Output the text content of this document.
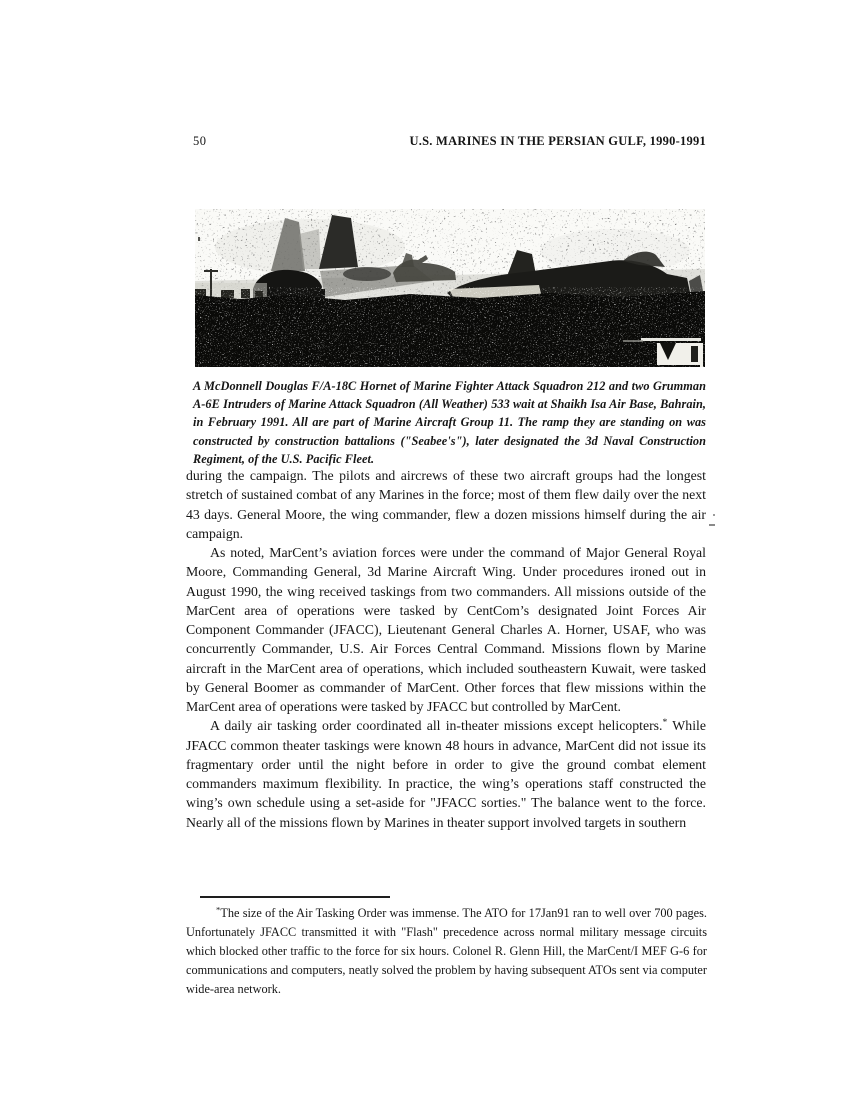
50	U.S. MARINES IN THE PERSIAN GULF, 1990-1991
A McDonnell Douglas F/A-18C Hornet of Marine Fighter Attack Squadron 212 and two Grumman A-6E Intruders of Marine Attack Squadron (All Weather) 533 wait at Shaikh Isa Air Base, Bahrain, in February 1991. All are part of Marine Aircraft Group 11. The ramp they are standing on was constructed by construction battalions ("Seabee's"), later designated the 3d Naval Construction Regiment, of the U.S. Pacific Fleet.

during the campaign. The pilots and aircrews of these two aircraft groups had the longest stretch of sustained combat of any Marines in the force; most of them flew daily over the next 43 days. General Moore, the wing commander, flew a dozen missions himself during the air campaign.

As noted, MarCent’s aviation forces were under the command of Major General Royal Moore, Commanding General, 3d Marine Aircraft Wing. Under procedures ironed out in August 1990, the wing received taskings from two commanders. All missions outside of the MarCent area of operations were tasked by CentCom’s designated Joint Forces Air Component Commander (JFACC), Lieutenant General Charles A. Horner, USAF, who was concurrently Commander, U.S. Air Forces Central Command. Missions flown by Marine aircraft in the MarCent area of operations, which included southeastern Kuwait, were tasked by General Boomer as commander of MarCent. Other forces that flew missions within the MarCent area of operations were tasked by JFACC but controlled by MarCent.

A daily air tasking order coordinated all in-theater missions except helicopters.* While JFACC common theater taskings were known 48 hours in advance, MarCent did not issue its fragmentary order until the night before in order to give the ground combat element commanders maximum flexibility. In practice, the wing’s operations staff constructed the wing’s own schedule using a set-aside for "JFACC sorties." The balance went to the force. Nearly all of the missions flown by Marines in theater support involved targets in southern

*The size of the Air Tasking Order was immense. The ATO for 17Jan91 ran to well over 700 pages. Unfortunately JFACC transmitted it with "Flash" precedence across normal military message circuits which blocked other traffic to the force for six hours. Colonel R. Glenn Hill, the MarCent/I MEF G-6 for communications and computers, neatly solved the problem by having subsequent ATOs sent via computer wide-area network.
